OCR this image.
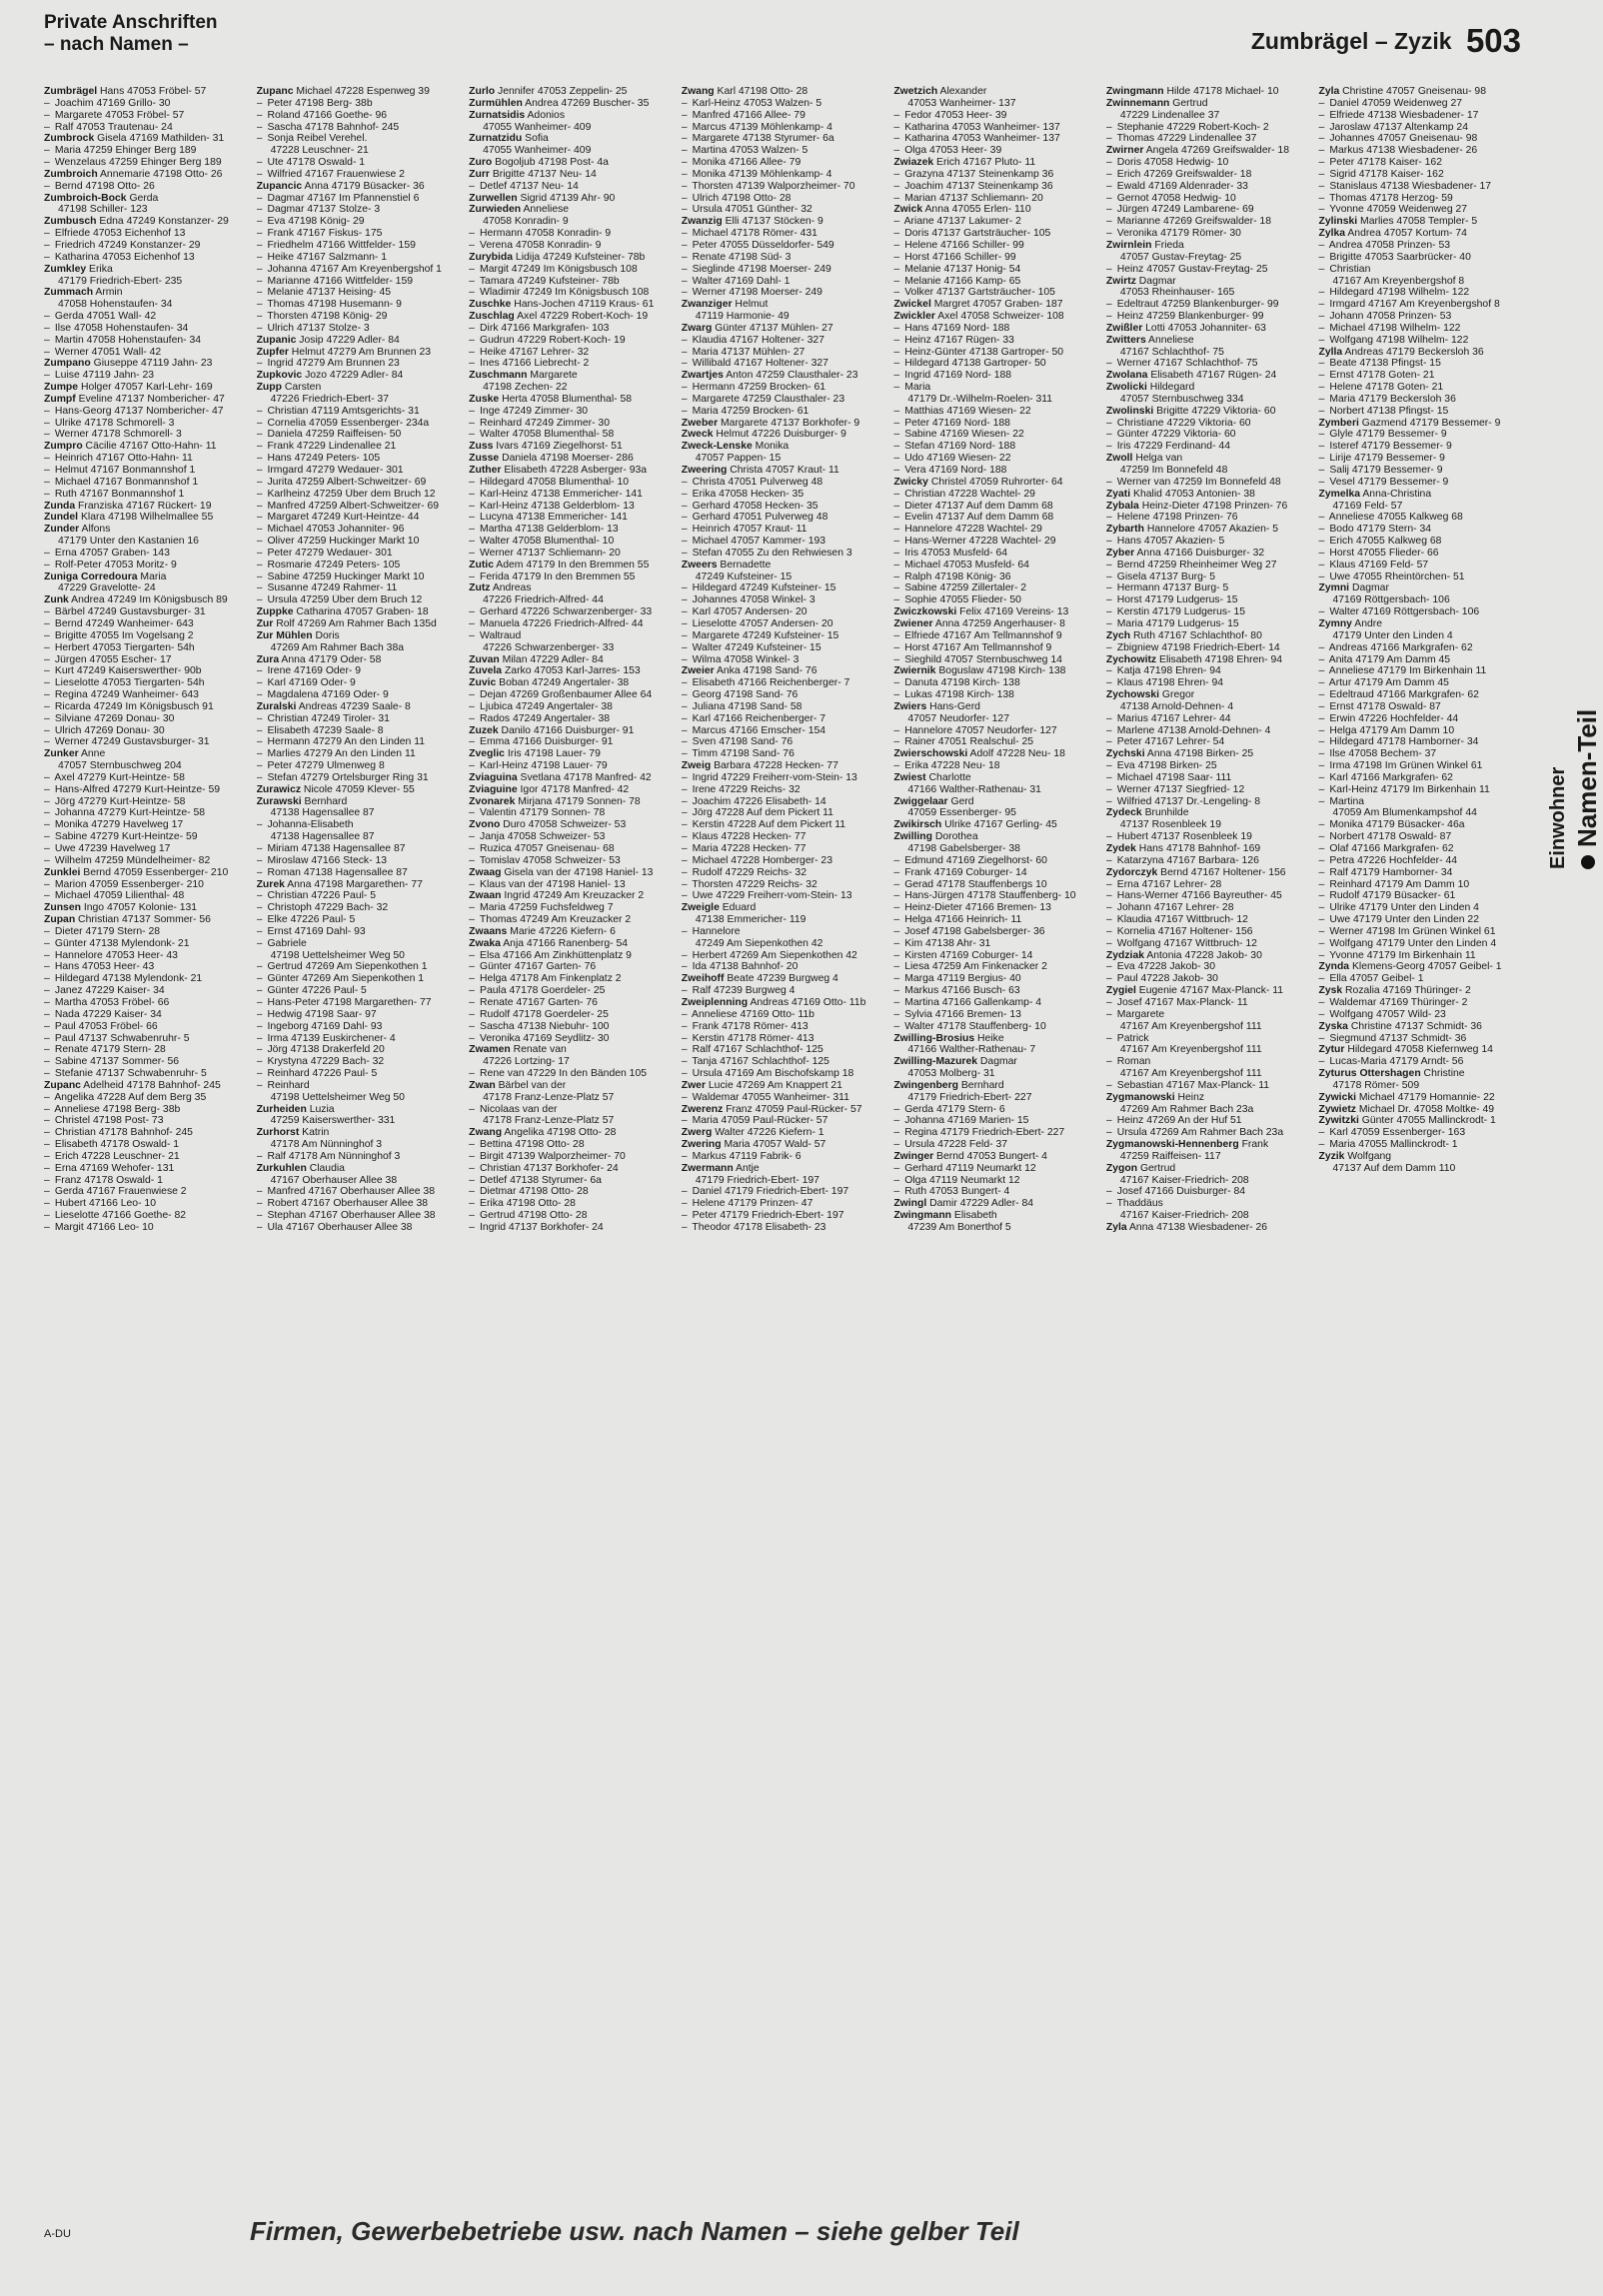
Private Anschriften
– nach Namen –	Zumbrägel – Zyzik 503
Zumbrägel Hans 47053 Fröbel- 57
– Joachim 47169 Grillo- 30
– Margarete 47053 Fröbel- 57
– Ralf 47053 Trautenau- 24
Zumbrock Gisela 47169 Mathilden- 31
– Maria 47259 Ehinger Berg 189
– Wenzelaus 47259 Ehinger Berg 189
Zumbroich Annemarie 47198 Otto- 26
– Bernd 47198 Otto- 26
Zumbroich-Bock Gerda
47198 Schiller- 123
Zumbusch Edna 47249 Konstanzer- 29
– Elfriede 47053 Eichenhof 13
– Friedrich 47249 Konstanzer- 29
– Katharina 47053 Eichenhof 13
Zumkley Erika
47179 Friedrich-Ebert- 235
Zummach Armin
47058 Hohenstaufen- 34
– Gerda 47051 Wall- 42
– Ilse 47058 Hohenstaufen- 34
– Martin 47058 Hohenstaufen- 34
– Werner 47051 Wall- 42
Zumpano Giuseppe 47119 Jahn- 23
– Luise 47119 Jahn- 23
Zumpe Holger 47057 Karl-Lehr- 169
Zumpf Eveline 47137 Nombericher- 47
– Hans-Georg 47137 Nombericher- 47
– Ulrike 47178 Schmorell- 3
– Werner 47178 Schmorell- 3
Zumpro Cäcilie 47167 Otto-Hahn- 11
– Heinrich 47167 Otto-Hahn- 11
– Helmut 47167 Bonmannshof 1
– Michael 47167 Bonmannshof 1
– Ruth 47167 Bonmannshof 1
Zunda Franziska 47167 Rückert- 19
Zundel Klara 47198 Wilhelmallee 55
Zunder Alfons
47179 Unter den Kastanien 16
– Erna 47057 Graben- 143
– Rolf-Peter 47053 Moritz- 9
Zuniga Corredoura Maria
47229 Gravelotte- 24
Zunk Andrea 47249 Im Königsbusch 89
– Bärbel 47249 Gustavsburger- 31
– Bernd 47249 Wanheimer- 643
– Brigitte 47055 Im Vogelsang 2
– Herbert 47053 Tiergarten- 54h
– Jürgen 47055 Escher- 17
– Kurt 47249 Kaiserswerther- 90b
– Lieselotte 47053 Tiergarten- 54h
– Regina 47249 Wanheimer- 643
– Ricarda 47249 Im Königsbusch 91
– Silviane 47269 Donau- 30
– Ulrich 47269 Donau- 30
– Werner 47249 Gustavsburger- 31
Zunker Anne
47057 Sternbuschweg 204
– Axel 47279 Kurt-Heintze- 58
– Hans-Alfred 47279 Kurt-Heintze- 59
– Jörg 47279 Kurt-Heintze- 58
– Johanna 47279 Kurt-Heintze- 58
– Monika 47279 Havelweg 17
– Sabine 47279 Kurt-Heintze- 59
– Uwe 47239 Havelweg 17
– Wilhelm 47259 Mündelheimer- 82
Zunklei Bernd 47059 Essenberger- 210
– Marion 47059 Essenberger- 210
– Michael 47059 Lilienthal- 48
Zunsen Ingo 47057 Kolonie- 131
Zupan Christian 47137 Sommer- 56
– Dieter 47179 Stern- 28
– Günter 47138 Mylendonk- 21
– Hannelore 47053 Heer- 43
– Hans 47053 Heer- 43
– Hildegard 47138 Mylendonk- 21
– Janez 47229 Kaiser- 34
– Martha 47053 Fröbel- 66
– Nada 47229 Kaiser- 34
– Paul 47053 Fröbel- 66
– Paul 47137 Schwabenruhr- 5
– Renate 47179 Stern- 28
– Sabine 47137 Sommer- 56
– Stefanie 47137 Schwabenruhr- 5
Zupanc Adelheid 47178 Bahnhof- 245
– Angelika 47228 Auf dem Berg 35
– Anneliese 47198 Berg- 38b
– Christel 47198 Post- 73
– Christian 47178 Bahnhof- 245
– Elisabeth 47178 Oswald- 1
– Erich 47228 Leuschner- 21
– Erna 47169 Wehofer- 131
– Franz 47178 Oswald- 1
– Gerda 47167 Frauenwiese 2
– Hubert 47166 Leo- 10
– Lieselotte 47166 Goethe- 82
– Margit 47166 Leo- 10
Zupanc Michael 47228 Espenweg 39
– Peter 47198 Berg- 38b
– Roland 47166 Goethe- 96
– Sascha 47178 Bahnhof- 245
– Sonja Reibel Verehel.
47228 Leuschner- 21
– Ute 47178 Oswald- 1
– Wilfried 47167 Frauenwiese 2
Zupancic Anna 47179 Büsacker- 36
– Dagmar 47167 Im Pfannenstiel 6
– Dagmar 47137 Stolze- 3
– Eva 47198 König- 29
– Frank 47167 Fiskus- 175
– Friedhelm 47166 Wittfelder- 159
– Heike 47167 Salzmann- 1
– Johanna 47167 Am Kreyenbergshof 1
– Marianne 47166 Wittfelder- 159
– Melanie 47137 Heising- 45
– Thomas 47198 Husemann- 9
– Thorsten 47198 König- 29
– Ulrich 47137 Stolze- 3
Zupanic Josip 47229 Adler- 84
Zupfer Helmut 47279 Am Brunnen 23
– Ingrid 47279 Am Brunnen 23
Zupkovic Jozo 47229 Adler- 84
Zupp Carsten
47226 Friedrich-Ebert- 37
– Christian 47119 Amtsgerichts- 31
– Cornelia 47059 Essenberger- 234a
– Daniela 47259 Raiffeisen- 50
– Frank 47229 Lindenallee 21
– Hans 47249 Peters- 105
– Irmgard 47279 Wedauer- 301
– Jurita 47259 Albert-Schweitzer- 69
– Karlheinz 47259 Über dem Bruch 12
– Manfred 47259 Albert-Schweitzer- 69
– Margaret 47249 Kurt-Heintze- 44
– Michael 47053 Johanniter- 96
– Oliver 47259 Huckinger Markt 10
– Peter 47279 Wedauer- 301
– Rosmarie 47249 Peters- 105
– Sabine 47259 Huckinger Markt 10
– Susanne 47249 Rahmer- 11
– Ursula 47259 Über dem Bruch 12
Zuppke Catharina 47057 Graben- 18
Zur Rolf 47269 Am Rahmer Bach 135d
Zur Mühlen Doris
47269 Am Rahmer Bach 38a
Zura Anna 47179 Oder- 58
– Irene 47169 Oder- 9
– Karl 47169 Oder- 9
– Magdalena 47169 Oder- 9
Zuralski Andreas 47239 Saale- 8
– Christian 47249 Tiroler- 31
– Elisabeth 47239 Saale- 8
– Hermann 47279 An den Linden 11
– Marlies 47279 An den Linden 11
– Peter 47279 Ulmenweg 8
– Stefan 47279 Ortelsburger Ring 31
Zurawicz Nicole 47059 Klever- 55
Zurawski Bernhard
47138 Hagensallee 87
– Johanna-Elisabeth
47138 Hagensallee 87
– Miriam 47138 Hagensallee 87
– Miroslaw 47166 Steck- 13
– Roman 47138 Hagensallee 87
Zurek Anna 47198 Margarethen- 77
– Christian 47226 Paul- 5
– Christoph 47229 Bach- 32
– Elke 47226 Paul- 5
– Ernst 47169 Dahl- 93
– Gabriele
47198 Uettelsheimer Weg 50
– Gertrud 47269 Am Siepenkothen 1
– Günter 47269 Am Siepenkothen 1
– Günter 47226 Paul- 5
– Hans-Peter 47198 Margarethen- 77
– Hedwig 47198 Saar- 97
– Ingeborg 47169 Dahl- 93
– Irma 47139 Euskirchener- 4
– Jörg 47138 Drakerfeld 20
– Krystyna 47229 Bach- 32
– Reinhard 47226 Paul- 5
– Reinhard
47198 Uettelsheimer Weg 50
Zurheiden Luzia
47259 Kaiserswerther- 331
Zurhorst Katrin
47178 Am Nünninghof 3
– Ralf 47178 Am Nünninghof 3
Zurkuhlen Claudia
47167 Oberhauser Allee 38
– Manfred 47167 Oberhauser Allee 38
– Robert 47167 Oberhauser Allee 38
– Stephan 47167 Oberhauser Allee 38
– Ula 47167 Oberhauser Allee 38
Zurlo Jennifer 47053 Zeppelin- 25
Zurmühlen Andrea 47269 Buscher- 35
Zurnatsidis Adonios
47055 Wanheimer- 409
Zurnatzidu Sofia
47055 Wanheimer- 409
Zuro Bogoljub 47198 Post- 4a
Zurr Brigitte 47137 Neu- 14
– Detlef 47137 Neu- 14
Zurwellen Sigrid 47139 Ahr- 90
Zurwieden Anneliese
47058 Konradin- 9
– Hermann 47058 Konradin- 9
– Verena 47058 Konradin- 9
Zurybida Lidija 47249 Kufsteiner- 78b
– Margit 47249 Im Königsbusch 108
– Tamara 47249 Kufsteiner- 78b
– Wladimir 47249 Im Königsbusch 108
Zuschke Hans-Jochen 47119 Kraus- 61
Zuschlag Axel 47229 Robert-Koch- 19
– Dirk 47166 Markgrafen- 103
– Gudrun 47229 Robert-Koch- 19
– Heike 47167 Lehrer- 32
– Ines 47166 Liebrecht- 2
Zuschmann Margarete
47198 Zechen- 22
Zuske Herta 47058 Blumenthal- 58
– Inge 47249 Zimmer- 30
– Reinhard 47249 Zimmer- 30
– Walter 47058 Blumenthal- 58
Zuss Ivars 47169 Ziegelhorst- 51
Zusse Daniela 47198 Moerser- 286
Zuther Elisabeth 47228 Asberger- 93a
– Hildegard 47058 Blumenthal- 10
– Karl-Heinz 47138 Emmericher- 141
– Karl-Heinz 47138 Gelderblom- 13
– Lucyna 47138 Emmericher- 141
– Martha 47138 Gelderblom- 13
– Walter 47058 Blumenthal- 10
– Werner 47137 Schliemann- 20
Zutic Adem 47179 In den Bremmen 55
– Ferida 47179 In den Bremmen 55
Zutz Andreas
47226 Friedrich-Alfred- 44
– Gerhard 47226 Schwarzenberger- 33
– Manuela 47226 Friedrich-Alfred- 44
– Waltraud
47226 Schwarzenberger- 33
Zuvan Milan 47229 Adler- 84
Zuvela Zarko 47053 Karl-Jarres- 153
Zuvic Boban 47249 Angertaler- 38
– Dejan 47269 Großenbaumer Allee 64
– Ljubica 47249 Angertaler- 38
– Rados 47249 Angertaler- 38
Zuzek Danilo 47166 Duisburger- 91
– Emma 47166 Duisburger- 91
Zveglic Iris 47198 Lauer- 79
– Karl-Heinz 47198 Lauer- 79
Zviaguina Svetlana 47178 Manfred- 42
Zviaguine Igor 47178 Manfred- 42
Zvonarek Mirjana 47179 Sonnen- 78
– Valentin 47179 Sonnen- 78
Zvono Duro 47058 Schweizer- 53
– Janja 47058 Schweizer- 53
– Ruzica 47057 Gneisenau- 68
– Tomislav 47058 Schweizer- 53
Zwaag Gisela van der 47198 Haniel- 13
– Klaus van der 47198 Haniel- 13
Zwaan Ingrid 47249 Am Kreuzacker 2
– Maria 47259 Fuchsfeldweg 7
– Thomas 47249 Am Kreuzacker 2
Zwaans Marie 47226 Kiefern- 6
Zwaka Anja 47166 Ranenberg- 54
– Elsa 47166 Am Zinkhüttenplatz 9
– Günter 47167 Garten- 76
– Helga 47178 Am Finkenplatz 2
– Paula 47178 Goerdeler- 25
– Renate 47167 Garten- 76
– Rudolf 47178 Goerdeler- 25
– Sascha 47138 Niebuhr- 100
– Veronika 47169 Seydlitz- 30
Zwamen Renate van
47226 Lortzing- 17
– Rene van 47229 In den Bänden 105
Zwan Bärbel van der
47178 Franz-Lenze-Platz 57
– Nicolaas van der
47178 Franz-Lenze-Platz 57
Zwang Angelika 47198 Otto- 28
– Bettina 47198 Otto- 28
– Birgit 47139 Walporzheimer- 70
– Christian 47137 Borkhofer- 24
– Detlef 47138 Styrumer- 6a
– Dietmar 47198 Otto- 28
– Erika 47198 Otto- 28
– Gertrud 47198 Otto- 28
– Ingrid 47137 Borkhofer- 24
Zwang Karl 47198 Otto- 28
– Karl-Heinz 47053 Walzen- 5
– Manfred 47166 Allee- 79
– Marcus 47139 Möhlenkamp- 4
– Margarete 47138 Styrumer- 6a
– Martina 47053 Walzen- 5
– Monika 47166 Allee- 79
– Monika 47139 Möhlenkamp- 4
– Thorsten 47139 Walporzheimer- 70
– Ulrich 47198 Otto- 28
– Ursula 47051 Günther- 32
Zwanzig Elli 47137 Stöcken- 9
– Michael 47178 Römer- 431
– Peter 47055 Düsseldorfer- 549
– Renate 47198 Süd- 3
– Sieglinde 47198 Moerser- 249
– Walter 47169 Dahl- 1
– Werner 47198 Moerser- 249
Zwanziger Helmut
47119 Harmonie- 49
Zwarg Günter 47137 Mühlen- 27
– Klaudia 47167 Holtener- 327
– Maria 47137 Mühlen- 27
– Willibald 47167 Holtener- 327
Zwartjes Anton 47259 Clausthaler- 23
– Hermann 47259 Brocken- 61
– Margarete 47259 Clausthaler- 23
– Maria 47259 Brocken- 61
Zweber Margarete 47137 Borkhofer- 9
Zweck Helmut 47226 Duisburger- 9
Zweck-Lenske Monika
47057 Pappen- 15
Zweering Christa 47057 Kraut- 11
– Christa 47051 Pulverweg 48
– Erika 47058 Hecken- 35
– Gerhard 47058 Hecken- 35
– Gerhard 47051 Pulverweg 48
– Heinrich 47057 Kraut- 11
– Michael 47057 Kammer- 193
– Stefan 47055 Zu den Rehwiesen 3
Zweers Bernadette
47249 Kufsteiner- 15
– Hildegard 47249 Kufsteiner- 15
– Johannes 47058 Winkel- 3
– Karl 47057 Andersen- 20
– Lieselotte 47057 Andersen- 20
– Margarete 47249 Kufsteiner- 15
– Walter 47249 Kufsteiner- 15
– Wilma 47058 Winkel- 3
Zweier Anka 47198 Sand- 76
– Elisabeth 47166 Reichenberger- 7
– Georg 47198 Sand- 76
– Juliana 47198 Sand- 58
– Karl 47166 Reichenberger- 7
– Marcus 47166 Emscher- 154
– Sven 47198 Sand- 76
– Timm 47198 Sand- 76
Zweig Barbara 47228 Hecken- 77
– Ingrid 47229 Freiherr-vom-Stein- 13
– Irene 47229 Reichs- 32
– Joachim 47226 Elisabeth- 14
– Jörg 47228 Auf dem Pickert 11
– Kerstin 47228 Auf dem Pickert 11
– Klaus 47228 Hecken- 77
– Maria 47228 Hecken- 77
– Michael 47228 Homberger- 23
– Rudolf 47229 Reichs- 32
– Thorsten 47229 Reichs- 32
– Uwe 47229 Freiherr-vom-Stein- 13
Zweigle Eduard
47138 Emmericher- 119
– Hannelore
47249 Am Siepenkothen 42
– Herbert 47269 Am Siepenkothen 42
– Ida 47138 Bahnhof- 20
Zweihoff Beate 47239 Burgweg 4
– Ralf 47239 Burgweg 4
Zweiplenning Andreas 47169 Otto- 11b
– Anneliese 47169 Otto- 11b
– Frank 47178 Römer- 413
– Kerstin 47178 Römer- 413
– Ralf 47167 Schlachthof- 125
– Tanja 47167 Schlachthof- 125
– Ursula 47169 Am Bischofskamp 18
Zwer Lucie 47269 Am Knappert 21
– Waldemar 47055 Wanheimer- 311
Zwerenz Franz 47059 Paul-Rücker- 57
– Maria 47059 Paul-Rücker- 57
Zwerg Walter 47226 Kiefern- 1
Zwering Maria 47057 Wald- 57
– Markus 47119 Fabrik- 6
Zwermann Antje
47179 Friedrich-Ebert- 197
– Daniel 47179 Friedrich-Ebert- 197
– Helene 47179 Prinzen- 47
– Peter 47179 Friedrich-Ebert- 197
– Theodor 47178 Elisabeth- 23
Zwetzich Alexander
47053 Wanheimer- 137
– Fedor 47053 Heer- 39
– Katharina 47053 Wanheimer- 137
– Katharina 47053 Wanheimer- 137
– Olga 47053 Heer- 39
Zwiazek Erich 47167 Pluto- 11
– Grazyna 47137 Steinenkamp 36
– Joachim 47137 Steinenkamp 36
– Marian 47137 Schliemann- 20
Zwick Anna 47055 Erlen- 110
– Ariane 47137 Lakumer- 2
– Doris 47137 Gartsträucher- 105
– Helene 47166 Schiller- 99
– Horst 47166 Schiller- 99
– Melanie 47137 Honig- 54
– Melanie 47166 Kamp- 65
– Volker 47137 Gartsträucher- 105
Zwickel Margret 47057 Graben- 187
Zwickler Axel 47058 Schweizer- 108
– Hans 47169 Nord- 188
– Heinz 47167 Rügen- 33
– Heinz-Günter 47138 Gartroper- 50
– Hildegard 47138 Gartroper- 50
– Ingrid 47169 Nord- 188
– Maria
47179 Dr.-Wilhelm-Roelen- 311
– Matthias 47169 Wiesen- 22
– Peter 47169 Nord- 188
– Sabine 47169 Wiesen- 22
– Stefan 47169 Nord- 188
– Udo 47169 Wiesen- 22
– Vera 47169 Nord- 188
Zwicky Christel 47059 Ruhrorter- 64
– Christian 47228 Wachtel- 29
– Dieter 47137 Auf dem Damm 68
– Evelin 47137 Auf dem Damm 68
– Hannelore 47228 Wachtel- 29
– Hans-Werner 47228 Wachtel- 29
– Iris 47053 Musfeld- 64
– Michael 47053 Musfeld- 64
– Ralph 47198 König- 36
– Sabine 47259 Zillertaler- 2
– Sophie 47055 Flieder- 50
Zwiczkowski Felix 47169 Vereins- 13
Zwiener Anna 47259 Angerhauser- 8
– Elfriede 47167 Am Tellmannshof 9
– Horst 47167 Am Tellmannshof 9
– Sieghild 47057 Sternbuschweg 14
Zwiernik Boguslaw 47198 Kirch- 138
– Danuta 47198 Kirch- 138
– Lukas 47198 Kirch- 138
Zwiers Hans-Gerd
47057 Neudorfer- 127
– Hannelore 47057 Neudorfer- 127
– Rainer 47051 Realschul- 25
Zwierschowski Adolf 47228 Neu- 18
– Erika 47228 Neu- 18
Zwiest Charlotte
47166 Walther-Rathenau- 31
Zwiggelaar Gerd
47059 Essenberger- 95
Zwikirsch Ulrike 47167 Gerling- 45
Zwilling Dorothea
47198 Gabelsberger- 38
– Edmund 47169 Ziegelhorst- 60
– Frank 47169 Coburger- 14
– Gerad 47178 Stauffenbergs 10
– Hans-Jürgen 47178 Stauffenberg- 10
– Heinz-Dieter 47166 Bremen- 13
– Helga 47166 Heinrich- 11
– Josef 47198 Gabelsberger- 36
– Kim 47138 Ahr- 31
– Kirsten 47169 Coburger- 14
– Liesa 47259 Am Finkenacker 2
– Marga 47119 Bergius- 40
– Markus 47166 Busch- 63
– Martina 47166 Gallenkamp- 4
– Sylvia 47166 Bremen- 13
– Walter 47178 Stauffenberg- 10
Zwilling-Brosius Heike
47166 Walther-Rathenau- 7
Zwilling-Mazurek Dagmar
47053 Molberg- 31
Zwingenberg Bernhard
47179 Friedrich-Ebert- 227
– Gerda 47179 Stern- 6
– Johanna 47169 Marien- 15
– Regina 47179 Friedrich-Ebert- 227
– Ursula 47228 Feld- 37
Zwinger Bernd 47053 Bungert- 4
– Gerhard 47119 Neumarkt 12
– Olga 47119 Neumarkt 12
– Ruth 47053 Bungert- 4
Zwingl Damir 47229 Adler- 84
Zwingmann Elisabeth
47239 Am Bonerthof 5
Zwingmann Hilde 47178 Michael- 10
Zwinnemann Gertrud
47229 Lindenallee 37
– Stephanie 47229 Robert-Koch- 2
– Thomas 47229 Lindenallee 37
Zwirner Angela 47269 Greifswalder- 18
– Doris 47058 Hedwig- 10
– Erich 47269 Greifswalder- 18
– Ewald 47169 Aldenrader- 33
– Gernot 47058 Hedwig- 10
– Jürgen 47249 Lambarene- 69
– Marianne 47269 Greifswalder- 18
– Veronika 47179 Römer- 30
Zwirnlein Frieda
47057 Gustav-Freytag- 25
– Heinz 47057 Gustav-Freytag- 25
Zwirtz Dagmar
47053 Rheinhauser- 165
– Edeltraut 47259 Blankenburger- 99
– Heinz 47259 Blankenburger- 99
Zwißler Lotti 47053 Johanniter- 63
Zwitters Anneliese
47167 Schlachthof- 75
– Werner 47167 Schlachthof- 75
Zwolana Elisabeth 47167 Rügen- 24
Zwolicki Hildegard
47057 Sternbuschweg 334
Zwolinski Brigitte 47229 Viktoria- 60
– Christiane 47229 Viktoria- 60
– Günter 47229 Viktoria- 60
– Iris 47229 Ferdinand- 44
Zwoll Helga van
47259 Im Bonnefeld 48
– Werner van 47259 Im Bonnefeld 48
Zyati Khalid 47053 Antonien- 38
Zybala Heinz-Dieter 47198 Prinzen- 76
– Helene 47198 Prinzen- 76
Zybarth Hannelore 47057 Akazien- 5
– Hans 47057 Akazien- 5
Zyber Anna 47166 Duisburger- 32
– Bernd 47259 Rheinheimer Weg 27
– Gisela 47137 Burg- 5
– Hermann 47137 Burg- 5
– Horst 47179 Ludgerus- 15
– Kerstin 47179 Ludgerus- 15
– Maria 47179 Ludgerus- 15
Zych Ruth 47167 Schlachthof- 80
– Zbigniew 47198 Friedrich-Ebert- 14
Zychowitz Elisabeth 47198 Ehren- 94
– Katja 47198 Ehren- 94
– Klaus 47198 Ehren- 94
Zychowski Gregor
47138 Arnold-Dehnen- 4
– Marius 47167 Lehrer- 44
– Marlene 47138 Arnold-Dehnen- 4
– Peter 47167 Lehrer- 54
Zychski Anna 47198 Birken- 25
– Eva 47198 Birken- 25
– Michael 47198 Saar- 111
– Werner 47137 Siegfried- 12
– Wilfried 47137 Dr.-Lengeling- 8
Zydeck Brunhilde
47137 Rosenbleek 19
– Hubert 47137 Rosenbleek 19
Zydek Hans 47178 Bahnhof- 169
– Katarzyna 47167 Barbara- 126
Zydorczyk Bernd 47167 Holtener- 156
– Erna 47167 Lehrer- 28
– Hans-Werner 47166 Bayreuther- 45
– Johann 47167 Lehrer- 28
– Klaudia 47167 Wittbruch- 12
– Kornelia 47167 Holtener- 156
– Wolfgang 47167 Wittbruch- 12
Zydziak Antonia 47228 Jakob- 30
– Eva 47228 Jakob- 30
– Paul 47228 Jakob- 30
Zygiel Eugenie 47167 Max-Planck- 11
– Josef 47167 Max-Planck- 11
– Margarete
47167 Am Kreyenbergshof 111
– Patrick
47167 Am Kreyenbergshof 111
– Roman
47167 Am Kreyenbergshof 111
– Sebastian 47167 Max-Planck- 11
Zygmanowski Heinz
47269 Am Rahmer Bach 23a
– Heinz 47269 An der Huf 51
– Ursula 47269 Am Rahmer Bach 23a
Zygmanowski-Hennenberg Frank
47259 Raiffeisen- 117
Zygon Gertrud
47167 Kaiser-Friedrich- 208
– Josef 47166 Duisburger- 84
– Thaddäus
47167 Kaiser-Friedrich- 208
Zyla Anna 47138 Wiesbadener- 26
Zyla Christine 47057 Gneisenau- 98
– Daniel 47059 Weidenweg 27
– Elfriede 47138 Wiesbadener- 17
– Jaroslaw 47137 Altenkamp 24
– Johannes 47057 Gneisenau- 98
– Markus 47138 Wiesbadener- 26
– Peter 47178 Kaiser- 162
– Sigrid 47178 Kaiser- 162
– Stanislaus 47138 Wiesbadener- 17
– Thomas 47178 Herzog- 59
– Yvonne 47059 Weidenweg 27
Zylinski Marlies 47058 Templer- 5
Zylka Andrea 47057 Kortum- 74
– Andrea 47058 Prinzen- 53
– Brigitte 47053 Saarbrücker- 40
– Christian
47167 Am Kreyenbergshof 8
– Hildegard 47198 Wilhelm- 122
– Irmgard 47167 Am Kreyenbergshof 8
– Johann 47058 Prinzen- 53
– Michael 47198 Wilhelm- 122
– Wolfgang 47198 Wilhelm- 122
Zylla Andreas 47179 Beckersloh 36
– Beate 47138 Pfingst- 15
– Ernst 47178 Goten- 21
– Helene 47178 Goten- 21
– Maria 47179 Beckersloh 36
– Norbert 47138 Pfingst- 15
Zymberi Gazmend 47179 Bessemer- 9
– Glyle 47179 Bessemer- 9
– Isteref 47179 Bessemer- 9
– Lirije 47179 Bessemer- 9
– Salij 47179 Bessemer- 9
– Vesel 47179 Bessemer- 9
Zymelka Anna-Christina
47169 Feld- 57
– Anneliese 47055 Kalkweg 68
– Bodo 47179 Stern- 34
– Erich 47055 Kalkweg 68
– Horst 47055 Flieder- 66
– Klaus 47169 Feld- 57
– Uwe 47055 Rheintörchen- 51
Zymni Dagmar
47169 Röttgersbach- 106
– Walter 47169 Röttgersbach- 106
Zymny Andre
47179 Unter den Linden 4
– Andreas 47166 Markgrafen- 62
– Anita 47179 Am Damm 45
– Anneliese 47179 Im Birkenhain 11
– Artur 47179 Am Damm 45
– Edeltraud 47166 Markgrafen- 62
– Ernst 47178 Oswald- 87
– Erwin 47226 Hochfelder- 44
– Helga 47179 Am Damm 10
– Hildegard 47178 Hamborner- 34
– Ilse 47058 Bechem- 37
– Irma 47198 Im Grünen Winkel 61
– Karl 47166 Markgrafen- 62
– Karl-Heinz 47179 Im Birkenhain 11
– Martina
47059 Am Blumenkampshof 44
– Monika 47179 Büsacker- 46a
– Norbert 47178 Oswald- 87
– Olaf 47166 Markgrafen- 62
– Petra 47226 Hochfelder- 44
– Ralf 47179 Hamborner- 34
– Reinhard 47179 Am Damm 10
– Rudolf 47179 Büsacker- 61
– Ulrike 47179 Unter den Linden 4
– Uwe 47179 Unter den Linden 22
– Werner 47198 Im Grünen Winkel 61
– Wolfgang 47179 Unter den Linden 4
– Yvonne 47179 Im Birkenhain 11
Zynda Klemens-Georg 47057 Geibel- 1
– Ella 47057 Geibel- 1
Zysk Rozalia 47169 Thüringer- 2
– Waldemar 47169 Thüringer- 2
– Wolfgang 47057 Wild- 23
Zyska Christine 47137 Schmidt- 36
– Siegmund 47137 Schmidt- 36
Zytur Hildegard 47058 Kiefernweg 14
– Lucas-Maria 47179 Arndt- 56
Zyturus Ottershagen Christine
47178 Römer- 509
Zywicki Michael 47179 Homannie- 22
Zywietz Michael Dr. 47058 Moltke- 49
Zywitzki Günter 47055 Mallinckrodt- 1
– Karl 47059 Essenberger- 163
– Maria 47055 Mallinckrodt- 1
Zyzik Wolfgang
47137 Auf dem Damm 110
Einwohner Namen-Teil
A-DU	Firmen, Gewerbebetriebe usw. nach Namen – siehe gelber Teil
